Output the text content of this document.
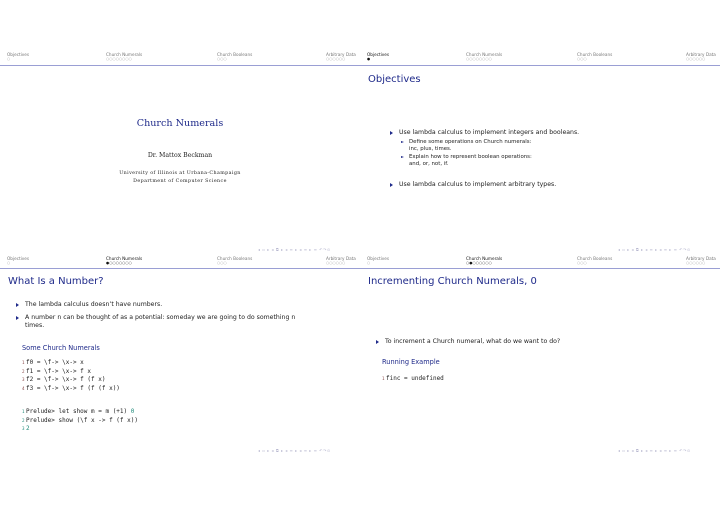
Objectives
○
Church Numerals
○○○○○○○○
Church Booleans
○○○
Arbitrary Data
○○○○○○
Church Numerals
Dr. Mattox Beckman
University of Illinois at Urbana-Champaign
Department of Computer Science
◂ ▫ ▸ ◂ ⧉ ▸ ◂ ≡ ▸ ◂ ≡ ▸ ≡ ↶↷⊙
Objectives
●
Church Numerals
○○○○○○○○
Church Booleans
○○○
Arbitrary Data
○○○○○○
Objectives
Use lambda calculus to implement integers and booleans.
Define some operations on Church numerals:
inc, plus, times.
Explain how to represent boolean operations:
and, or, not, if.
Use lambda calculus to implement arbitrary types.
◂ ▫ ▸ ◂ ⧉ ▸ ◂ ≡ ▸ ◂ ≡ ▸ ≡ ↶↷⊙
Objectives
○
Church Numerals
●○○○○○○○
Church Booleans
○○○
Arbitrary Data
○○○○○○
What Is a Number?
The lambda calculus doesn’t have numbers.
A number n can be thought of as a potential: someday we are going to do something n
times.
Some Church Numerals
1f0 = \f-> \x-> x
2f1 = \f-> \x-> f x
3f2 = \f-> \x-> f (f x)
4f3 = \f-> \x-> f (f (f x))
1Prelude> let show m = m (+1) 0
2Prelude> show (\f x -> f (f x))
32
◂ ▫ ▸ ◂ ⧉ ▸ ◂ ≡ ▸ ◂ ≡ ▸ ≡ ↶↷⊙
Objectives
○
Church Numerals
○●○○○○○○
Church Booleans
○○○
Arbitrary Data
○○○○○○
Incrementing Church Numerals, 0
To increment a Church numeral, what do we want to do?
Running Example
1finc = undefined
◂ ▫ ▸ ◂ ⧉ ▸ ◂ ≡ ▸ ◂ ≡ ▸ ≡ ↶↷⊙
